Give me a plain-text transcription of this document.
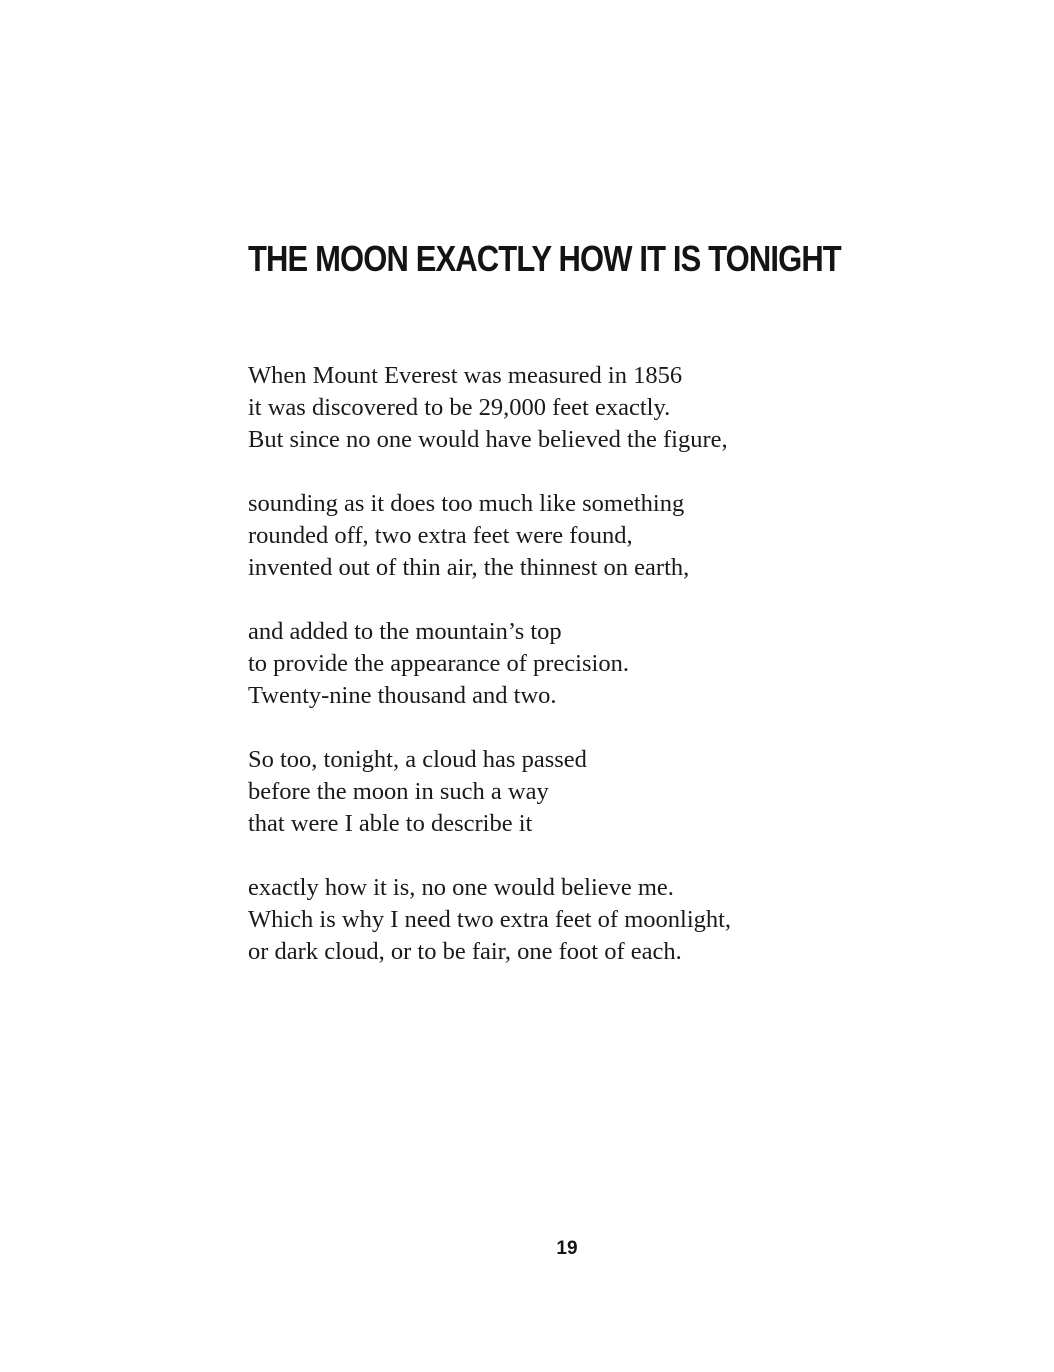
THE MOON EXACTLY HOW IT IS TONIGHT
When Mount Everest was measured in 1856
it was discovered to be 29,000 feet exactly.
But since no one would have believed the figure,
sounding as it does too much like something
rounded off, two extra feet were found,
invented out of thin air, the thinnest on earth,
and added to the mountain’s top
to provide the appearance of precision.
Twenty-nine thousand and two.
So too, tonight, a cloud has passed
before the moon in such a way
that were I able to describe it
exactly how it is, no one would believe me.
Which is why I need two extra feet of moonlight,
or dark cloud, or to be fair, one foot of each.
19
